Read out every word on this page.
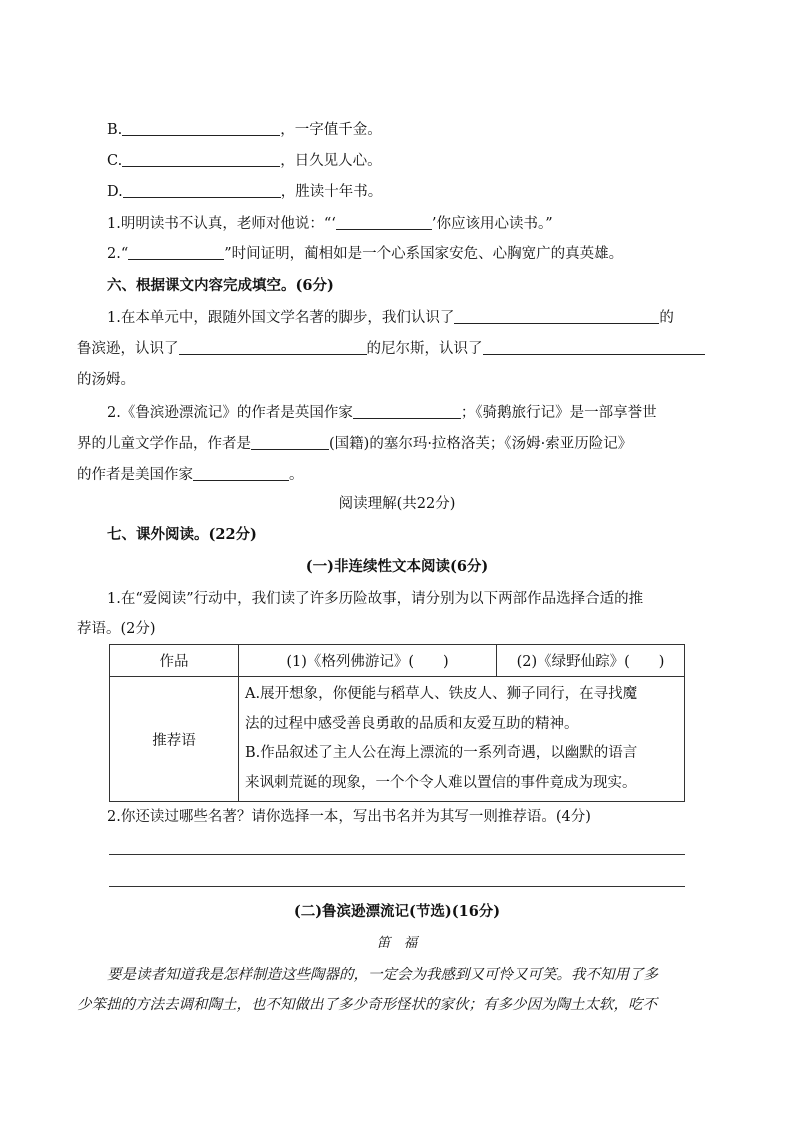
B.	，一字值千金。
C.	，日久见人心。
D.	，胜读十年书。
1.明明读书不认真，老师对他说：“‘	’你应该用心读书。”
2.“	”时间证明，蔺相如是一个心系国家安危、心胸宽广的真英雄。
六、根据课文内容完成填空。(6分)
1.在本单元中，跟随外国文学名著的脚步，我们认识了	的
鲁滨逊，认识了	的尼尔斯，认识了
的汤姆。
2.《鲁滨逊漂流记》的作者是英国作家	；《骑鹅旅行记》是一部享誉世
界的儿童文学作品，作者是	(国籍)的塞尔玛·拉格洛芙；《汤姆·索亚历险记》
的作者是美国作家	。
阅读理解(共22分)
七、课外阅读。(22分)
(一)非连续性文本阅读(6分)
1.在“爱阅读”行动中，我们读了许多历险故事，请分别为以下两部作品选择合适的推
荐语。(2分)
作品	(1)《格列佛游记》(　　)	(2)《绿野仙踪》(　　)
推荐语	A.展开想象，你便能与稻草人、铁皮人、狮子同行，在寻找魔
法的过程中感受善良勇敢的品质和友爱互助的精神。
B.作品叙述了主人公在海上漂流的一系列奇遇，以幽默的语言
来讽刺荒诞的现象，一个个令人难以置信的事件竟成为现实。	
2.你还读过哪些名著？请你选择一本，写出书名并为其写一则推荐语。(4分)
(二)鲁滨逊漂流记(节选)(16分)
笛　福
要是读者知道我是怎样制造这些陶器的，一定会为我感到又可怜又可笑。我不知用了多
少笨拙的方法去调和陶土，也不知做出了多少奇形怪状的家伙；有多少因为陶土太软，吃不
